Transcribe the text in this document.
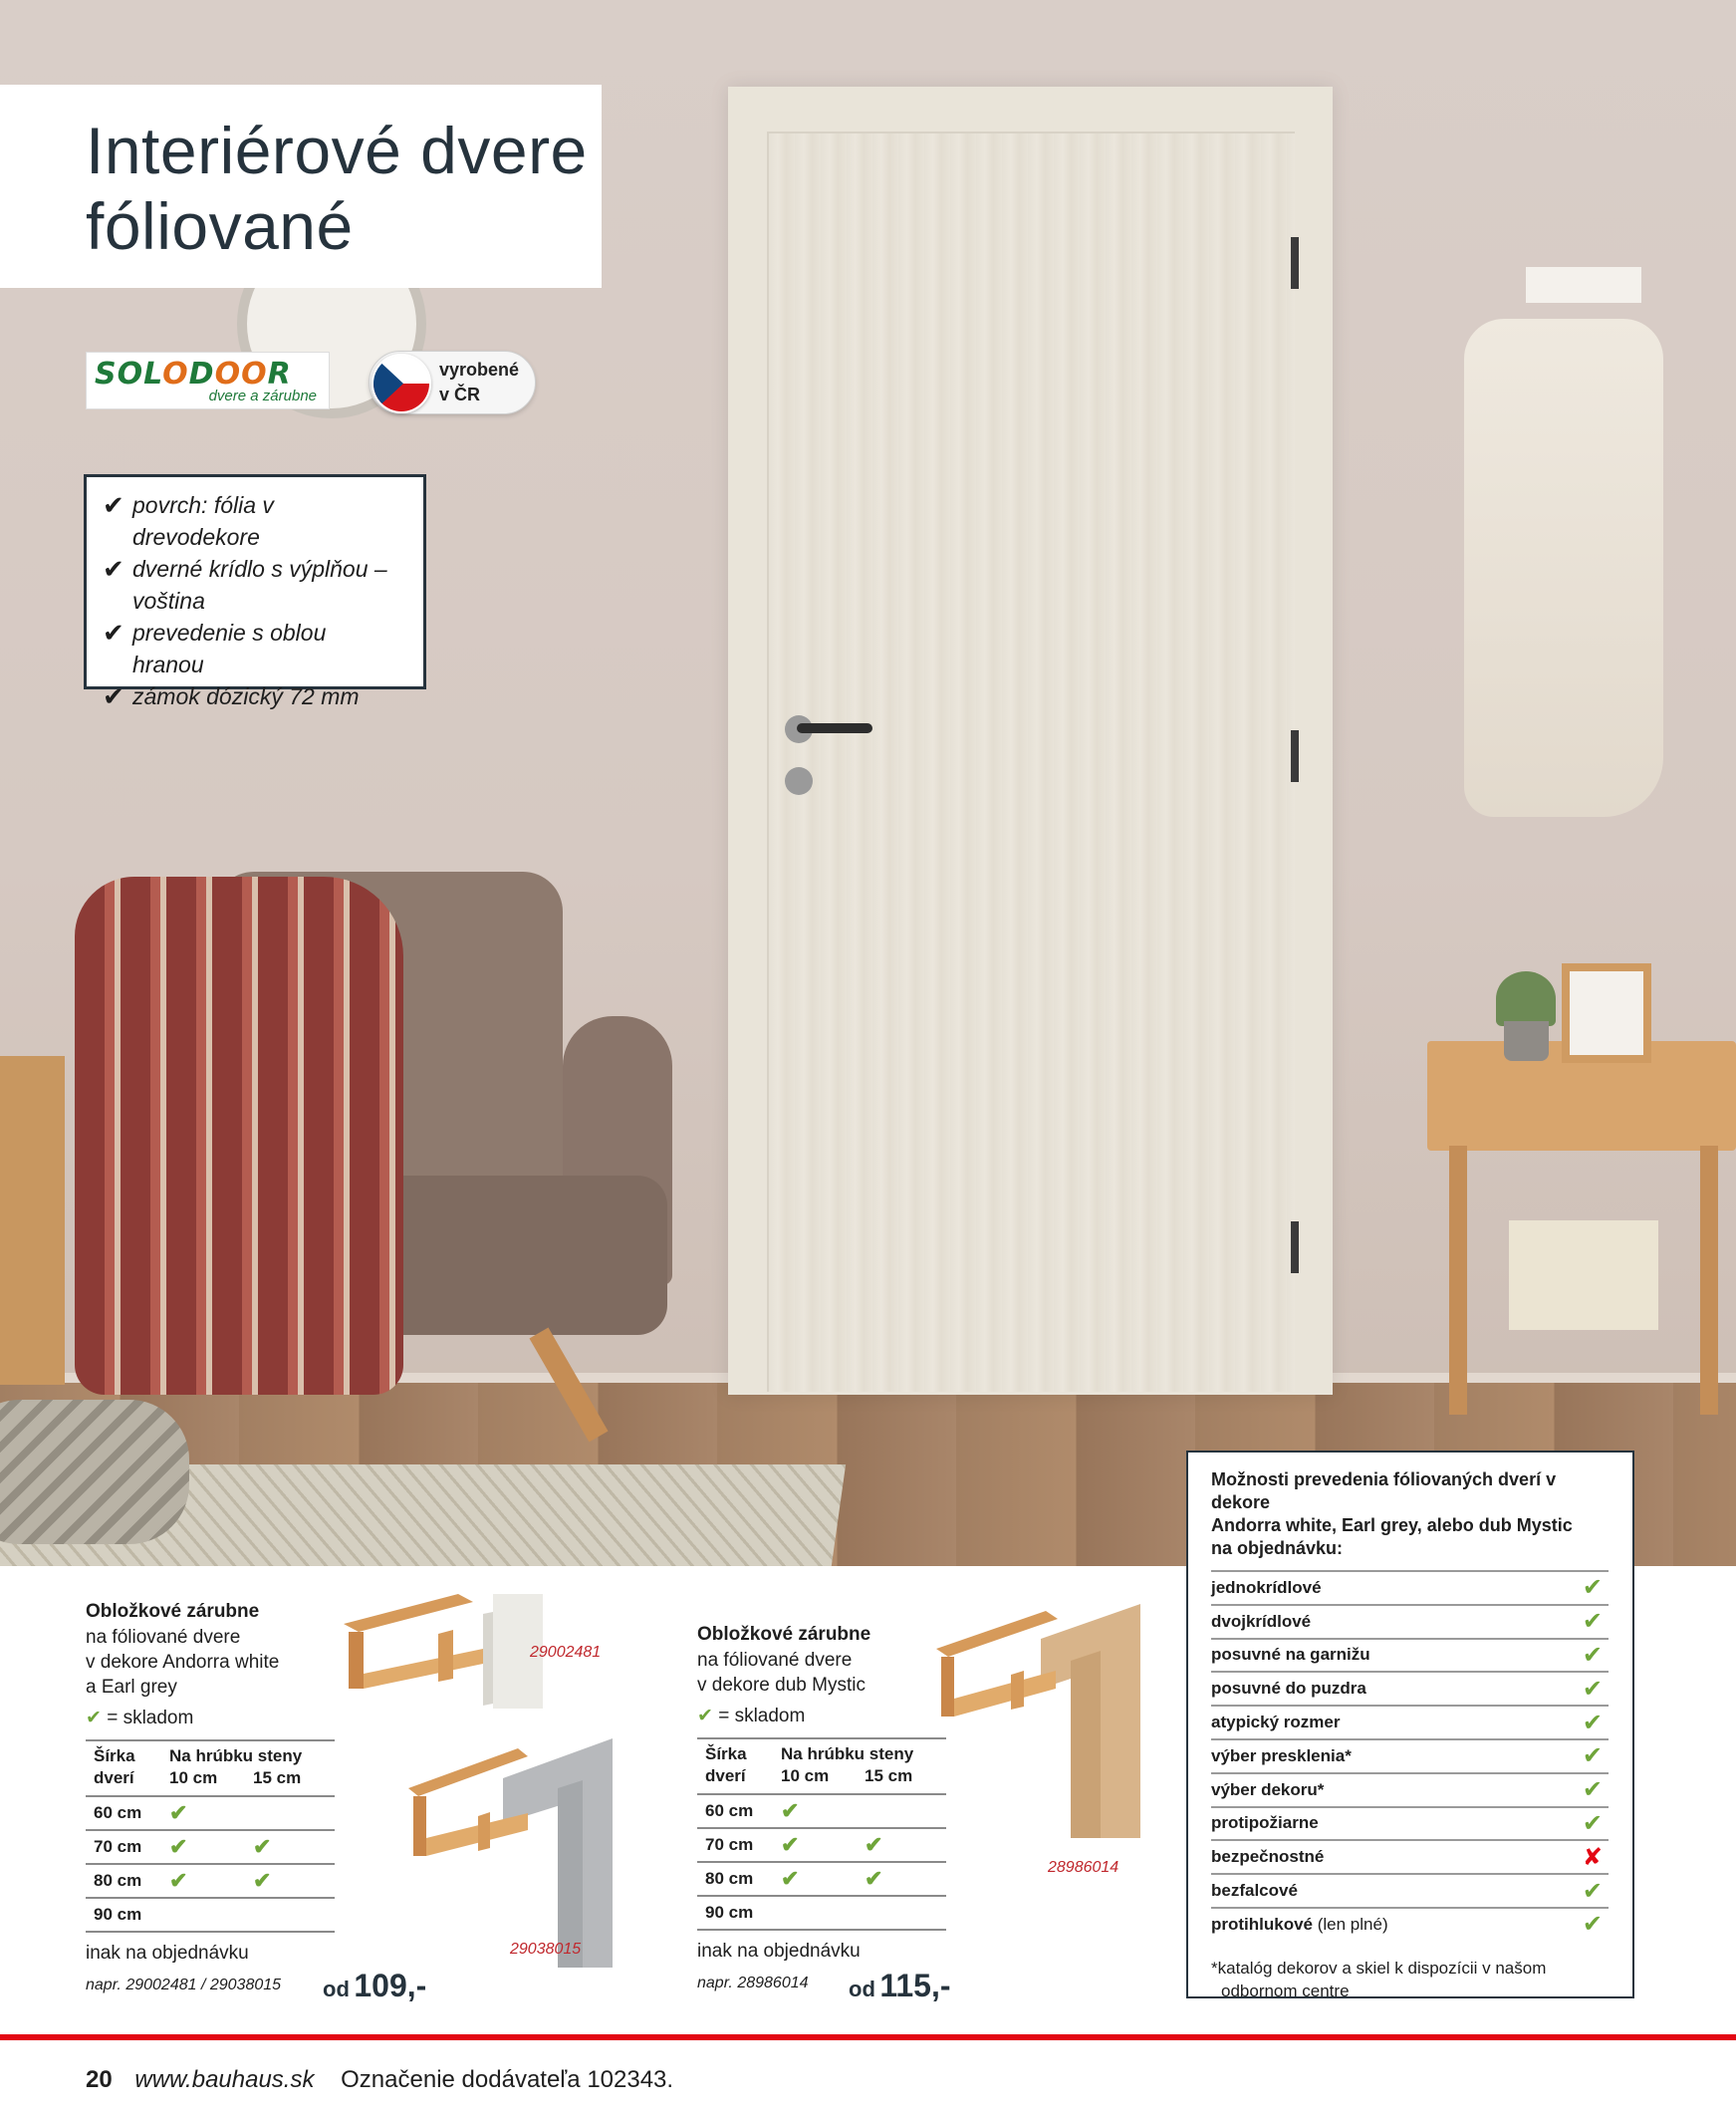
Interiérové dvere
fóliované
SOLODOOR
dvere a zárubne
vyrobené
v ČR
✔ povrch: fólia v drevodekore
✔ dverné krídlo s výplňou – voština
✔ prevedenie s oblou hranou
✔ zámok dózický 72 mm
Obložkové zárubne
na fóliované dvere
v dekore Andorra white
a Earl grey
✔ = skladom
Šírka
dverí	Na hrúbku steny	
	10 cm	15 cm
60 cm	✔	
70 cm	✔	✔
80 cm	✔	✔
90 cm		
inak na objednávku
napr. 29002481 / 29038015	od 109,-
29002481
29038015
Obložkové zárubne
na fóliované dvere
v dekore dub Mystic
✔ = skladom
Šírka
dverí	Na hrúbku steny	
	10 cm	15 cm
60 cm	✔	
70 cm	✔	✔
80 cm	✔	✔
90 cm		
inak na objednávku
napr. 28986014	od 115,-
28986014
Možnosti prevedenia fóliovaných dverí v dekore
Andorra white, Earl grey, alebo dub Mystic
na objednávku:
jednokrídlové	✔
dvojkrídlové	✔
posuvné na garnižu	✔
posuvné do puzdra	✔
atypický rozmer	✔
výber presklenia*	✔
výber dekoru*	✔
protipožiarne	✔
bezpečnostné	✘
bezfalcové	✔
protihlukové (len plné)	✔
*katalóg dekorov a skiel k dispozícii v našom
odbornom centre
20 www.bauhaus.sk Označenie dodávateľa 102343.
